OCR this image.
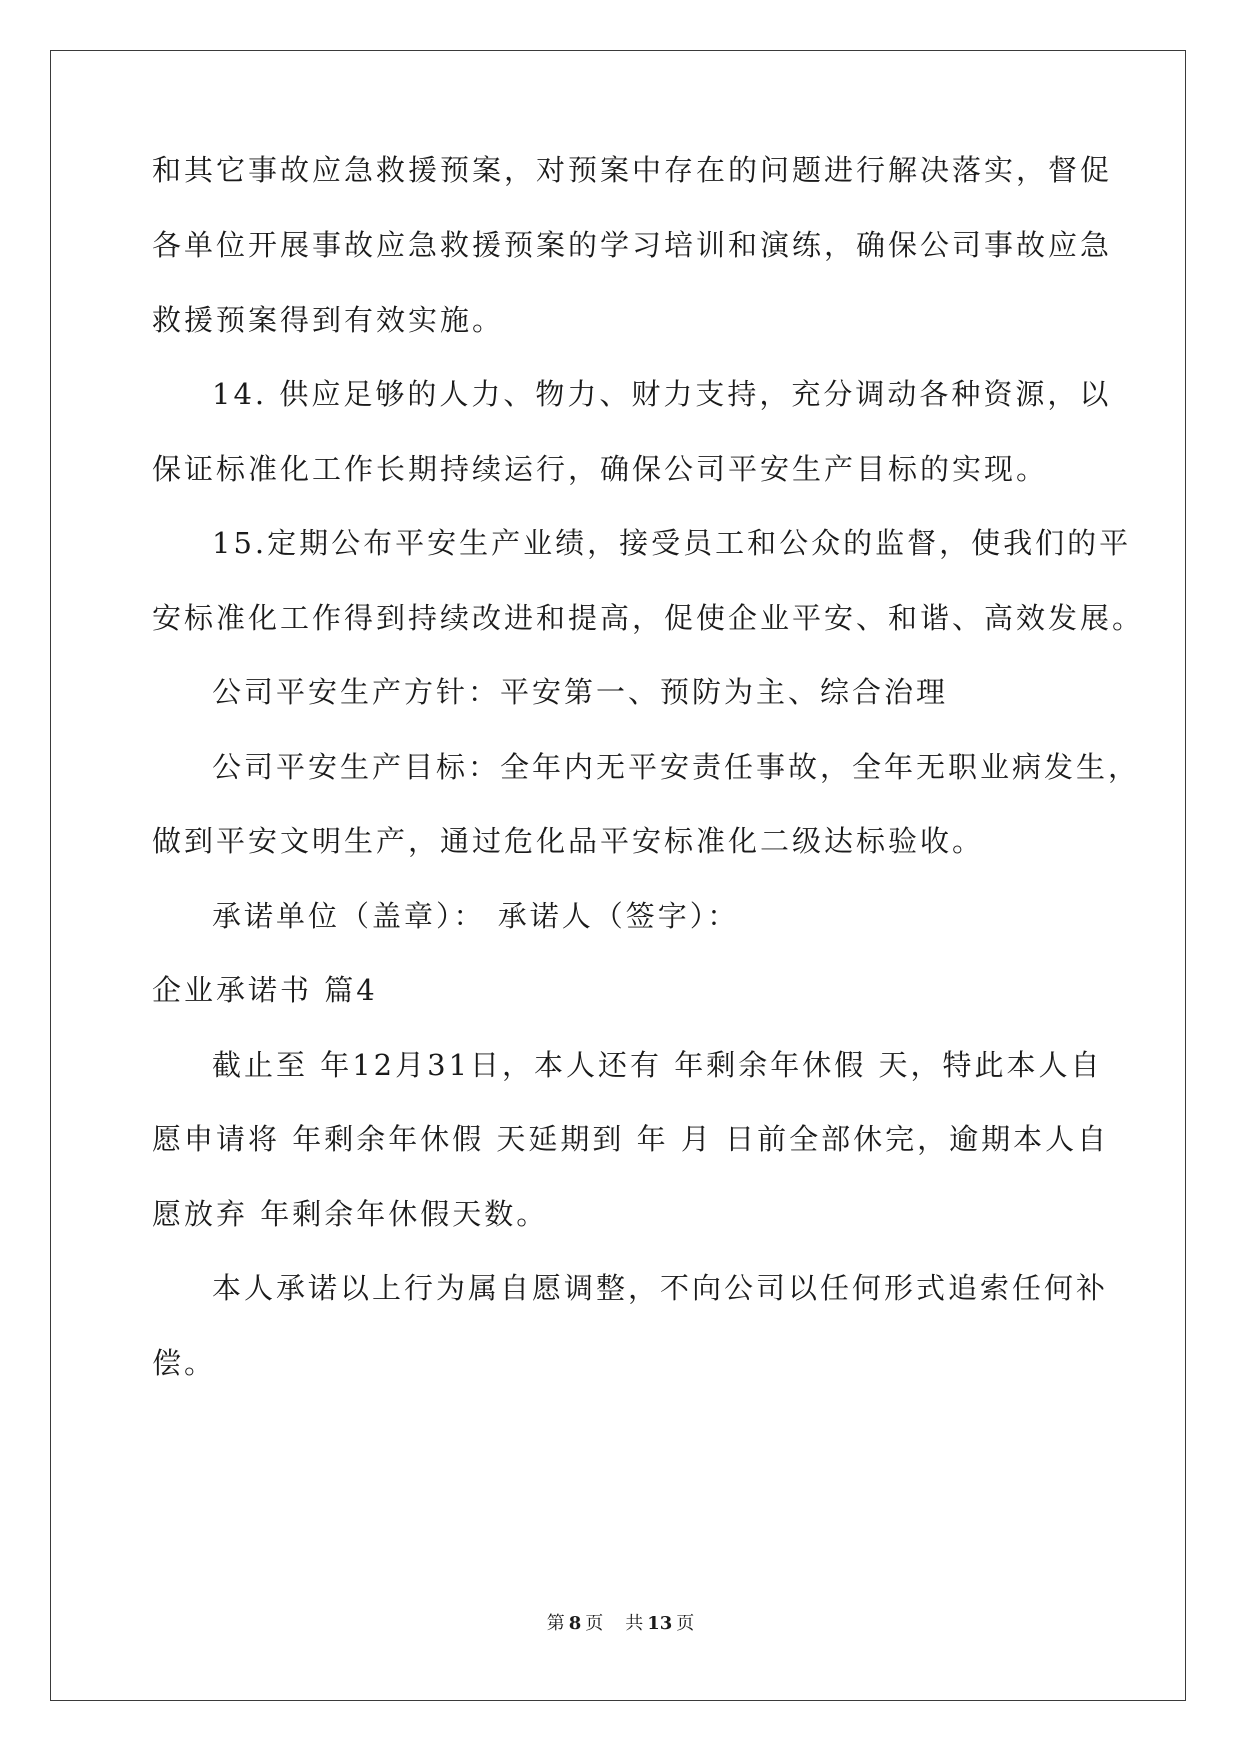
和其它事故应急救援预案，对预案中存在的问题进行解决落实，督促
各单位开展事故应急救援预案的学习培训和演练，确保公司事故应急
救援预案得到有效实施。
14. 供应足够的人力、物力、财力支持，充分调动各种资源，以
保证标准化工作长期持续运行，确保公司平安生产目标的实现。
15.定期公布平安生产业绩，接受员工和公众的监督，使我们的平
安标准化工作得到持续改进和提高，促使企业平安、和谐、高效发展。
公司平安生产方针：平安第一、预防为主、综合治理
公司平安生产目标：全年内无平安责任事故，全年无职业病发生，
做到平安文明生产，通过危化品平安标准化二级达标验收。
承诺单位（盖章）： 承诺人（签字）：
企业承诺书 篇4
截止至 年12月31日，本人还有 年剩余年休假 天，特此本人自
愿申请将 年剩余年休假 天延期到 年 月 日前全部休完，逾期本人自
愿放弃 年剩余年休假天数。
本人承诺以上行为属自愿调整，不向公司以任何形式追索任何补
偿。
第 8 页 共 13 页
